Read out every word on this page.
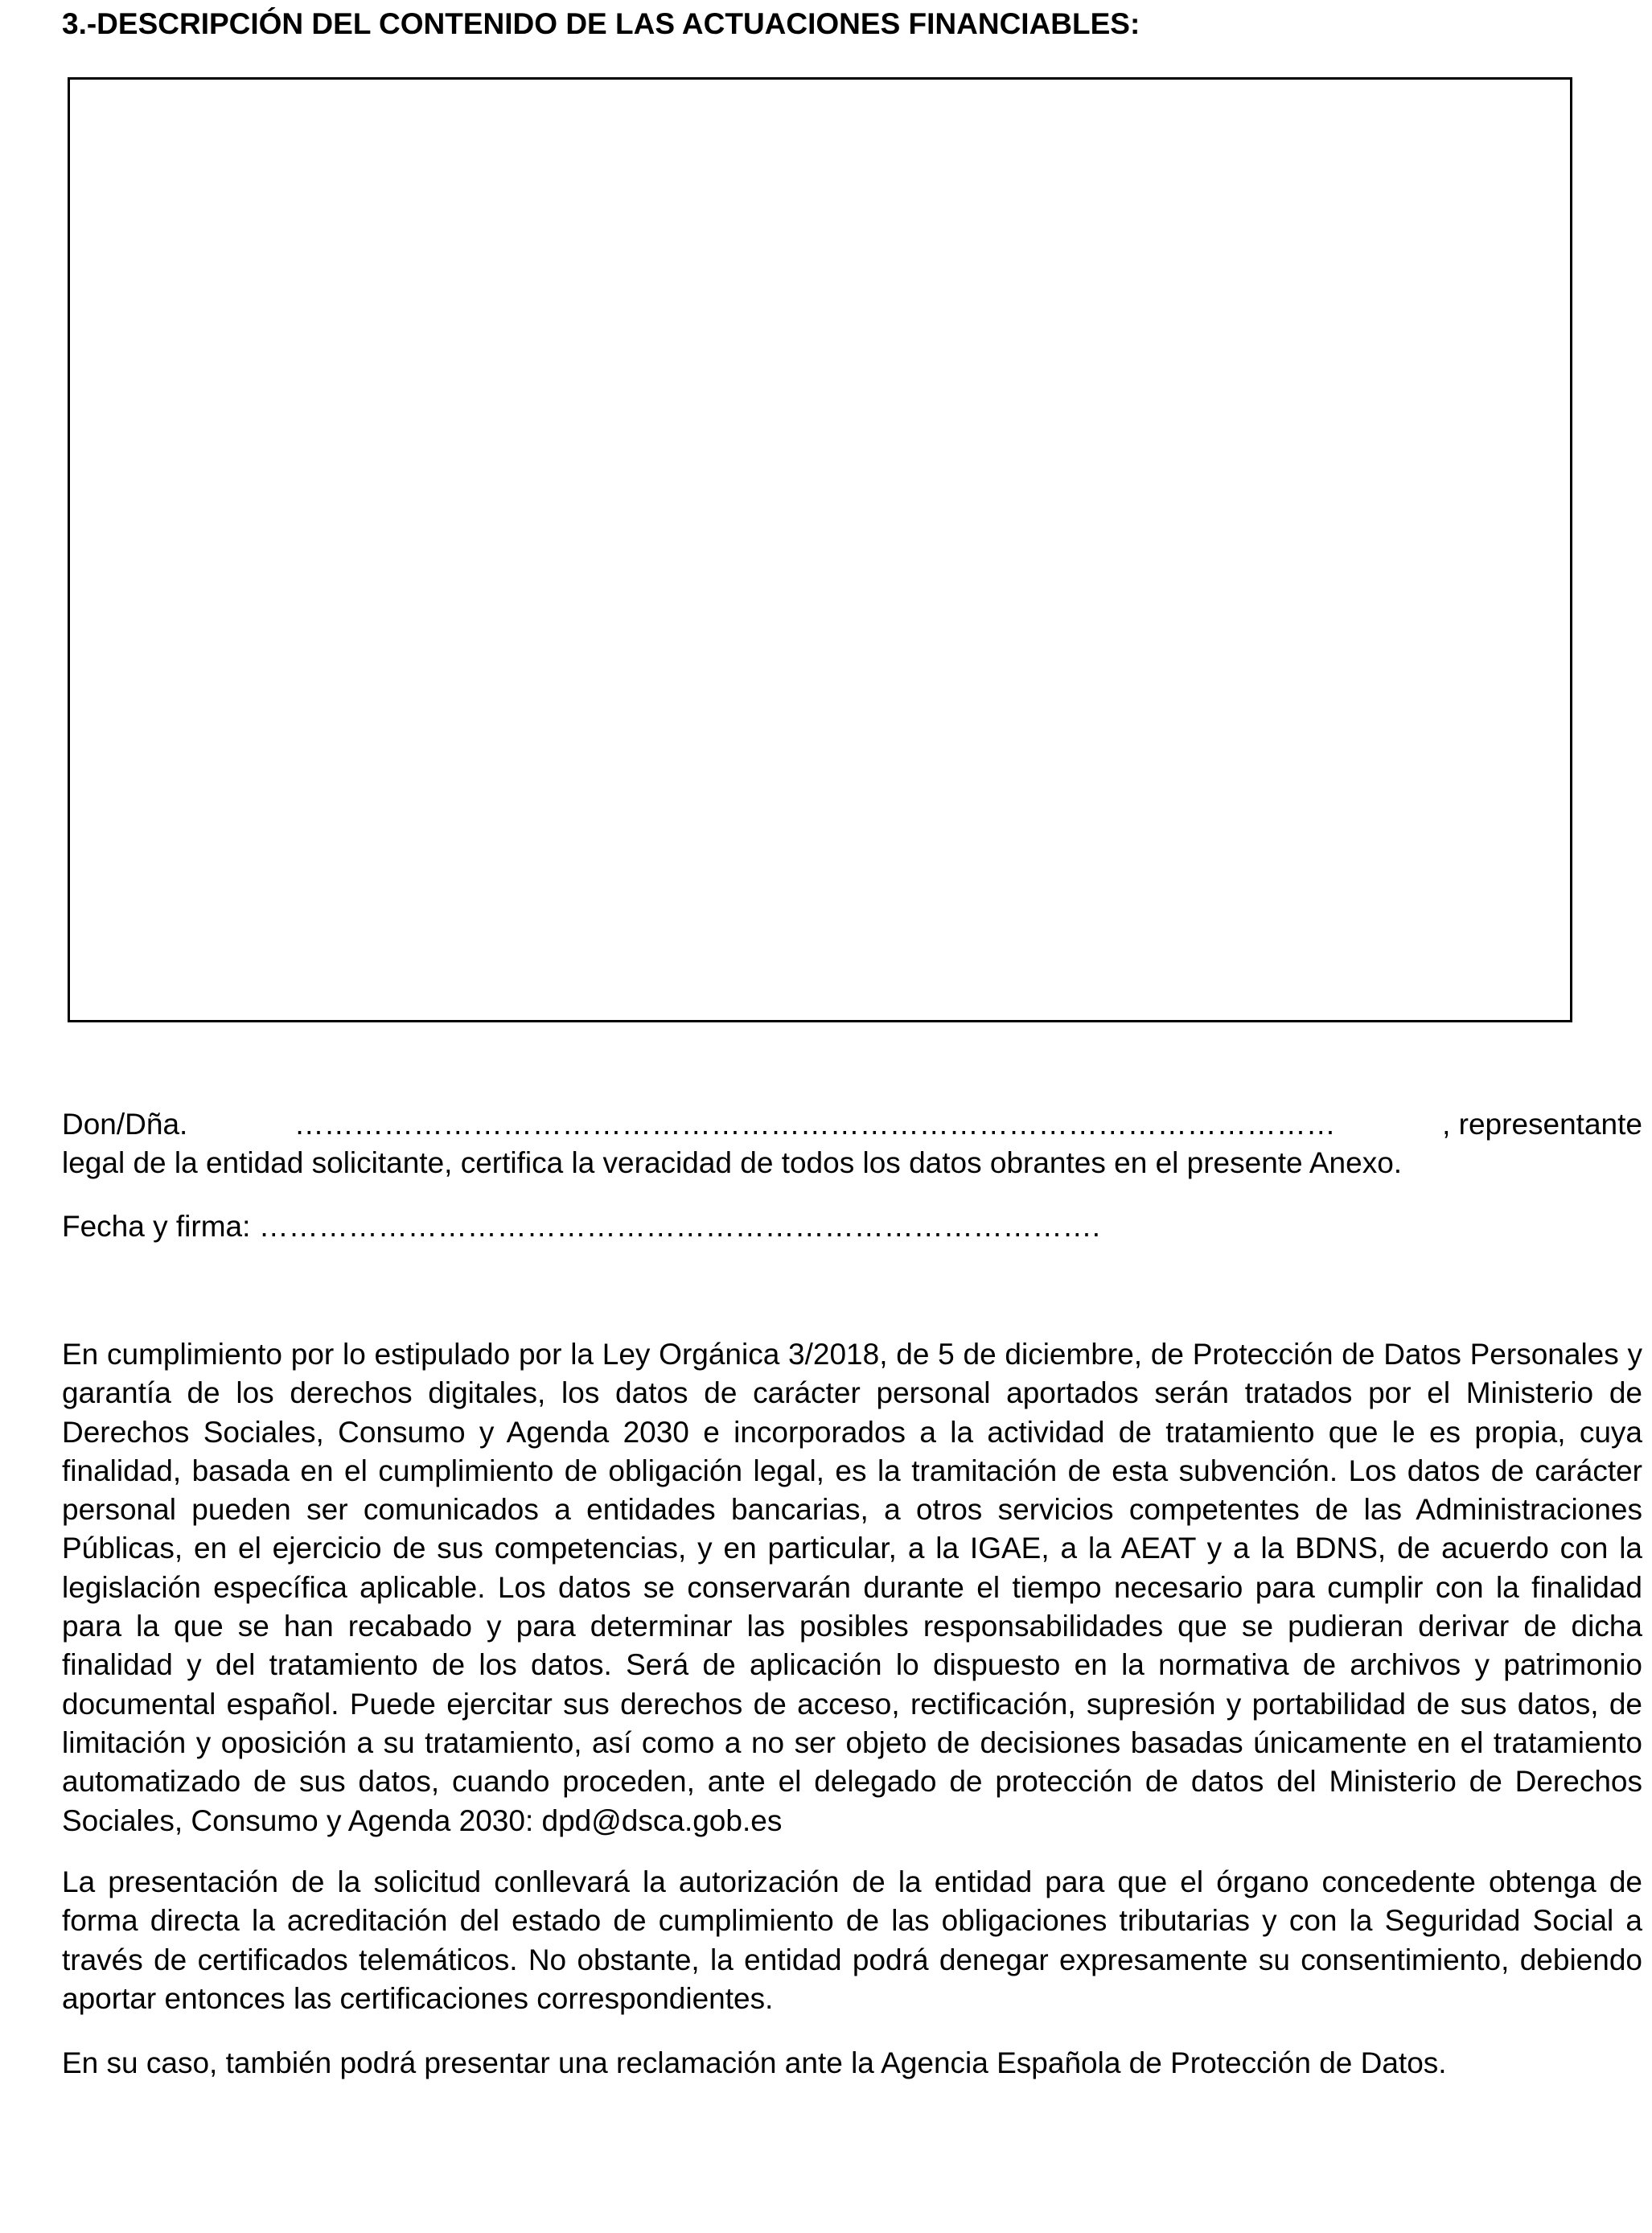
3.-DESCRIPCIÓN DEL CONTENIDO DE LAS ACTUACIONES FINANCIABLES:
Don/Dña.	……………………………………………………………………………………………	, representante
legal de la entidad solicitante, certifica la veracidad de todos los datos obrantes en el presente Anexo.
Fecha y firma: ………………………………………………………………………….

En cumplimiento por lo estipulado por la Ley Orgánica 3/2018, de 5 de diciembre, de Protección de Datos Personales y garantía de los derechos digitales, los datos de carácter personal aportados serán tratados por el Ministerio de Derechos Sociales, Consumo y Agenda 2030 e incorporados a la actividad de tratamiento que le es propia, cuya finalidad, basada en el cumplimiento de obligación legal, es la tramitación de esta subvención. Los datos de carácter personal pueden ser comunicados a entidades bancarias, a otros servicios competentes de las Administraciones Públicas, en el ejercicio de sus competencias, y en particular, a la IGAE, a la AEAT y a la BDNS, de acuerdo con la legislación específica aplicable. Los datos se conservarán durante el tiempo necesario para cumplir con la finalidad para la que se han recabado y para determinar las posibles responsabilidades que se pudieran derivar de dicha finalidad y del tratamiento de los datos. Será de aplicación lo dispuesto en la normativa de archivos y patrimonio documental español. Puede ejercitar sus derechos de acceso, rectificación, supresión y portabilidad de sus datos, de limitación y oposición a su tratamiento, así como a no ser objeto de decisiones basadas únicamente en el tratamiento automatizado de sus datos, cuando proceden, ante el delegado de protección de datos del Ministerio de Derechos Sociales, Consumo y Agenda 2030: dpd@dsca.gob.es

La presentación de la solicitud conllevará la autorización de la entidad para que el órgano concedente obtenga de forma directa la acreditación del estado de cumplimiento de las obligaciones tributarias y con la Seguridad Social a través de certificados telemáticos. No obstante, la entidad podrá denegar expresamente su consentimiento, debiendo aportar entonces las certificaciones correspondientes.

En su caso, también podrá presentar una reclamación ante la Agencia Española de Protección de Datos.
